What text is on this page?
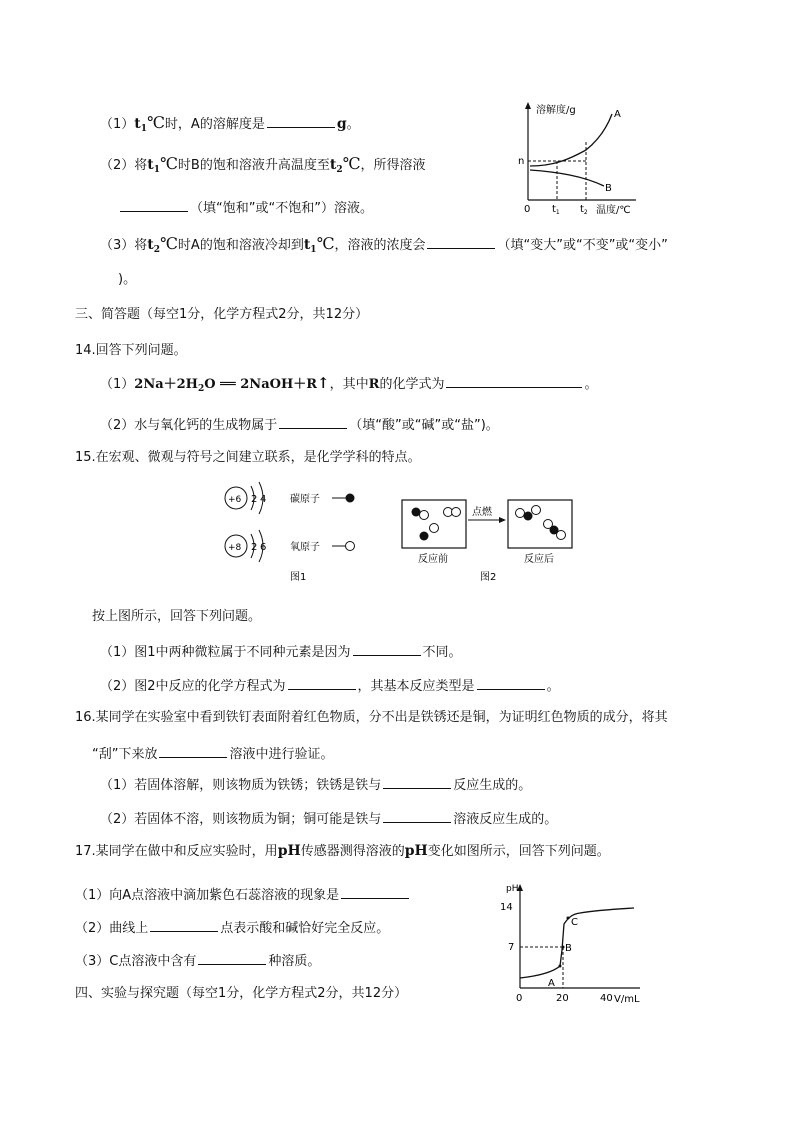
$(1)t_1℃$时，A的溶解度是	g。
（2）将$t_1℃$时B的饱和溶液升高温度至$t_2℃$，所得溶液
（填“饱和”或“不饱和”）溶液。
（3）将$t_2℃$时A的饱和溶液冷却到$t_1℃$，溶液的浓度会	（填“变大”或“不变”或“变小”
)。
溶解度/g	A
B
n
0 $t_1$ $t_2$ 温度/℃
三、简答题（每空1分，化学方程式2分，共12分）
14.回答下列问题。
$(1)2Na+2H_2O$ ══ 2NaOH＋R↑，其中R的化学式为	。
（2）水与氧化钙的生成物属于	（填“酸”或“碱”或“盐”)。
15.在宏观、微观与符号之间建立联系，是化学学科的特点。
+6 2 4 碳原子
+8 2 6 氧原子
图1
点燃
反应前	反应后
图2
按上图所示，回答下列问题。
（1）图1中两种微粒属于不同种元素是因为	不同。
（2）图2中反应的化学方程式为	，其基本反应类型是	。
16.某同学在实验室中看到铁钉表面附着红色物质，分不出是铁锈还是铜，为证明红色物质的成分，将其
“刮”下来放	溶液中进行验证。
（1）若固体溶解，则该物质为铁锈；铁锈是铁与	反应生成的。
（2）若固体不溶，则该物质为铜；铜可能是铁与	溶液反应生成的。
17.某同学在做中和反应实验时，用pH传感器测得溶液的pH变化如图所示，回答下列问题。
（1）向A点溶液中滴加紫色石蕊溶液的现象是
（2）曲线上	点表示酸和碱恰好完全反应。
（3）C点溶液中含有	种溶质。
pH
14
7
A
B
C
0	20	40 V/mL
四、实验与探究题（每空1分，化学方程式2分，共12分）
